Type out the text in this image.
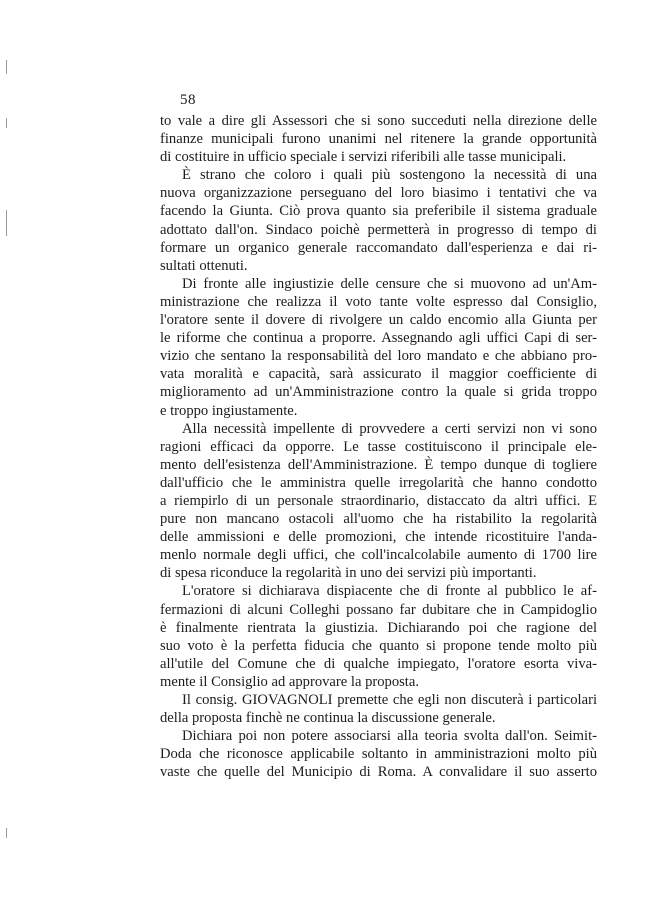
58
to vale a dire gli Assessori che si sono succeduti nella direzione delle
finanze municipali furono unanimi nel ritenere la grande opportunità
di costituire in ufficio speciale i servizi riferibili alle tasse municipali.
È strano che coloro i quali più sostengono la necessità di una
nuova organizzazione perseguano del loro biasimo i tentativi che va
facendo la Giunta. Ciò prova quanto sia preferibile il sistema graduale
adottato dall'on. Sindaco poichè permetterà in progresso di tempo di
formare un organico generale raccomandato dall'esperienza e dai ri-
sultati ottenuti.
Di fronte alle ingiustizie delle censure che si muovono ad un'Am-
ministrazione che realizza il voto tante volte espresso dal Consiglio,
l'oratore sente il dovere di rivolgere un caldo encomio alla Giunta per
le riforme che continua a proporre. Assegnando agli uffici Capi di ser-
vizio che sentano la responsabilità del loro mandato e che abbiano pro-
vata moralità e capacità, sarà assicurato il maggior coefficiente di
miglioramento ad un'Amministrazione contro la quale si grida troppo
e troppo ingiustamente.
Alla necessità impellente di provvedere a certi servizi non vi sono
ragioni efficaci da opporre. Le tasse costituiscono il principale ele-
mento dell'esistenza dell'Amministrazione. È tempo dunque di togliere
dall'ufficio che le amministra quelle irregolarità che hanno condotto
a riempirlo di un personale straordinario, distaccato da altri uffici. E
pure non mancano ostacoli all'uomo che ha ristabilito la regolarità
delle ammissioni e delle promozioni, che intende ricostituire l'anda-
menlo normale degli uffici, che coll'incalcolabile aumento di 1700 lire
di spesa riconduce la regolarità in uno dei servizi più importanti.
L'oratore si dichiarava dispiacente che di fronte al pubblico le af-
fermazioni di alcuni Colleghi possano far dubitare che in Campidoglio
è finalmente rientrata la giustizia. Dichiarando poi che ragione del
suo voto è la perfetta fiducia che quanto si propone tende molto più
all'utile del Comune che di qualche impiegato, l'oratore esorta viva-
mente il Consiglio ad approvare la proposta.
Il consig. GIOVAGNOLI premette che egli non discuterà i particolari
della proposta finchè ne continua la discussione generale.
Dichiara poi non potere associarsi alla teoria svolta dall'on. Seimit-
Doda che riconosce applicabile soltanto in amministrazioni molto più
vaste che quelle del Municipio di Roma. A convalidare il suo asserto
